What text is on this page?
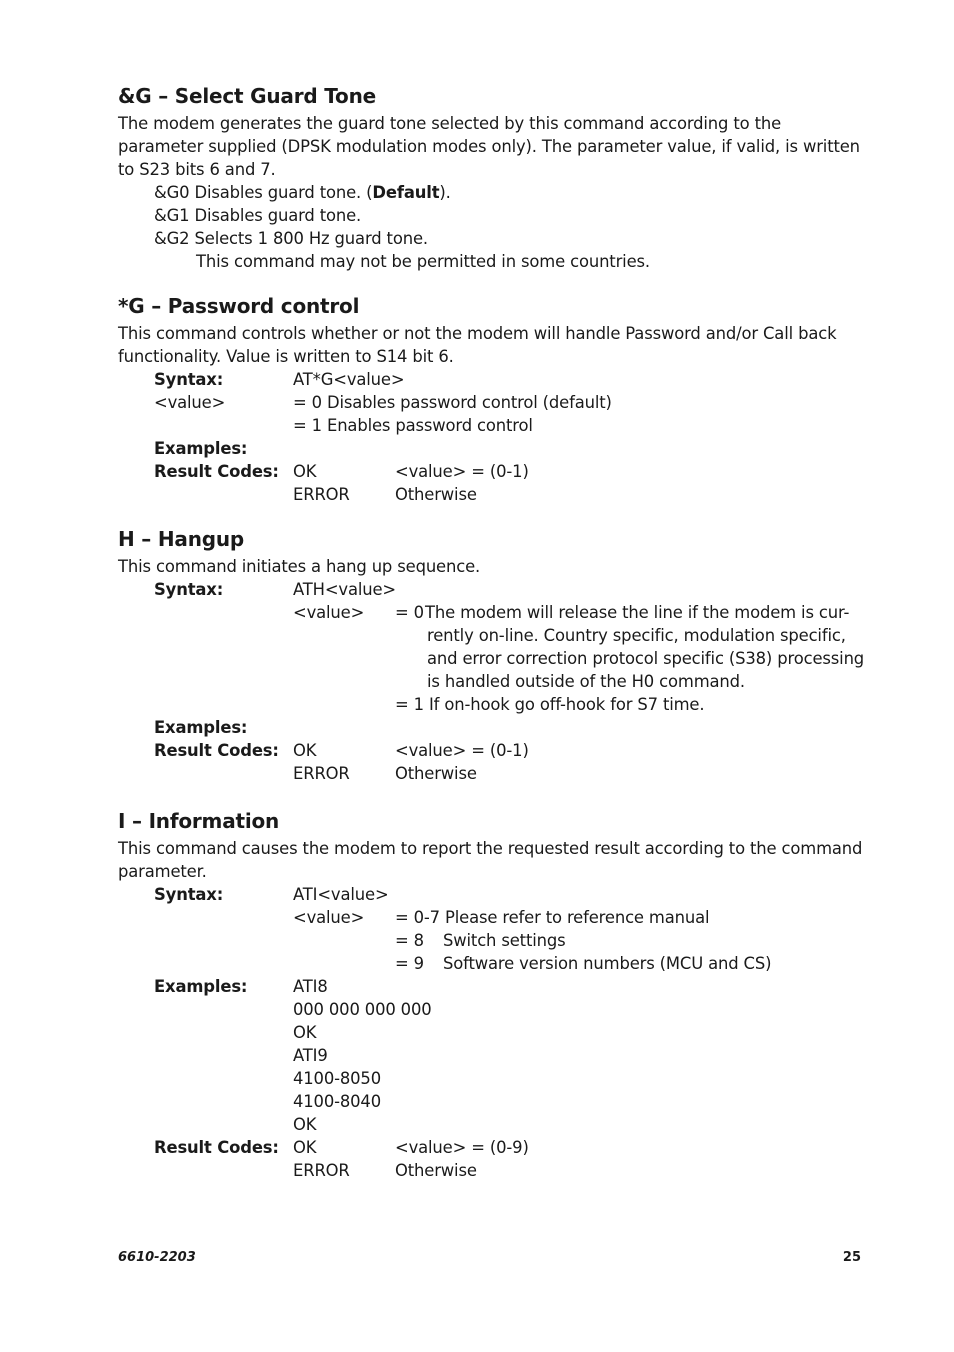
&G – Select Guard Tone

The modem generates the guard tone selected by this command according to the parameter supplied (DPSK modulation modes only). The parameter value, if valid, is written to S23 bits 6 and 7.

&G0 Disables guard tone. (Default).
&G1 Disables guard tone.
&G2 Selects 1 800 Hz guard tone.
This command may not be permitted in some countries.
*G – Password control

This command controls whether or not the modem will handle Password and/or Call back functionality. Value is written to S14 bit 6.

Syntax:	AT*G<value>
<value>	= 0 Disables password control (default)
= 1 Enables password control
Examples:
Result Codes: OK	<value> = (0-1)
ERROR	Otherwise
H – Hangup

This command initiates a hang up sequence.

Syntax:	ATH<value>
<value> = 0 The modem will release the line if the modem is cur- rently on-line. Country specific, modulation specific, and error correction protocol specific (S38) processing is handled outside of the H0 command.
= 1 If on-hook go off-hook for S7 time.
Examples:
Result Codes: OK	<value> = (0-1)
ERROR	Otherwise
I – Information

This command causes the modem to report the requested result according to the command parameter.

Syntax:	ATI<value>
<value> = 0-7 Please refer to reference manual
= 8 Switch settings
= 9 Software version numbers (MCU and CS)
Examples:	ATI8
000 000 000 000
OK
ATI9
4100-8050
4100-8040
OK
Result Codes: OK	<value> = (0-9)
ERROR	Otherwise
6610-2203	25
